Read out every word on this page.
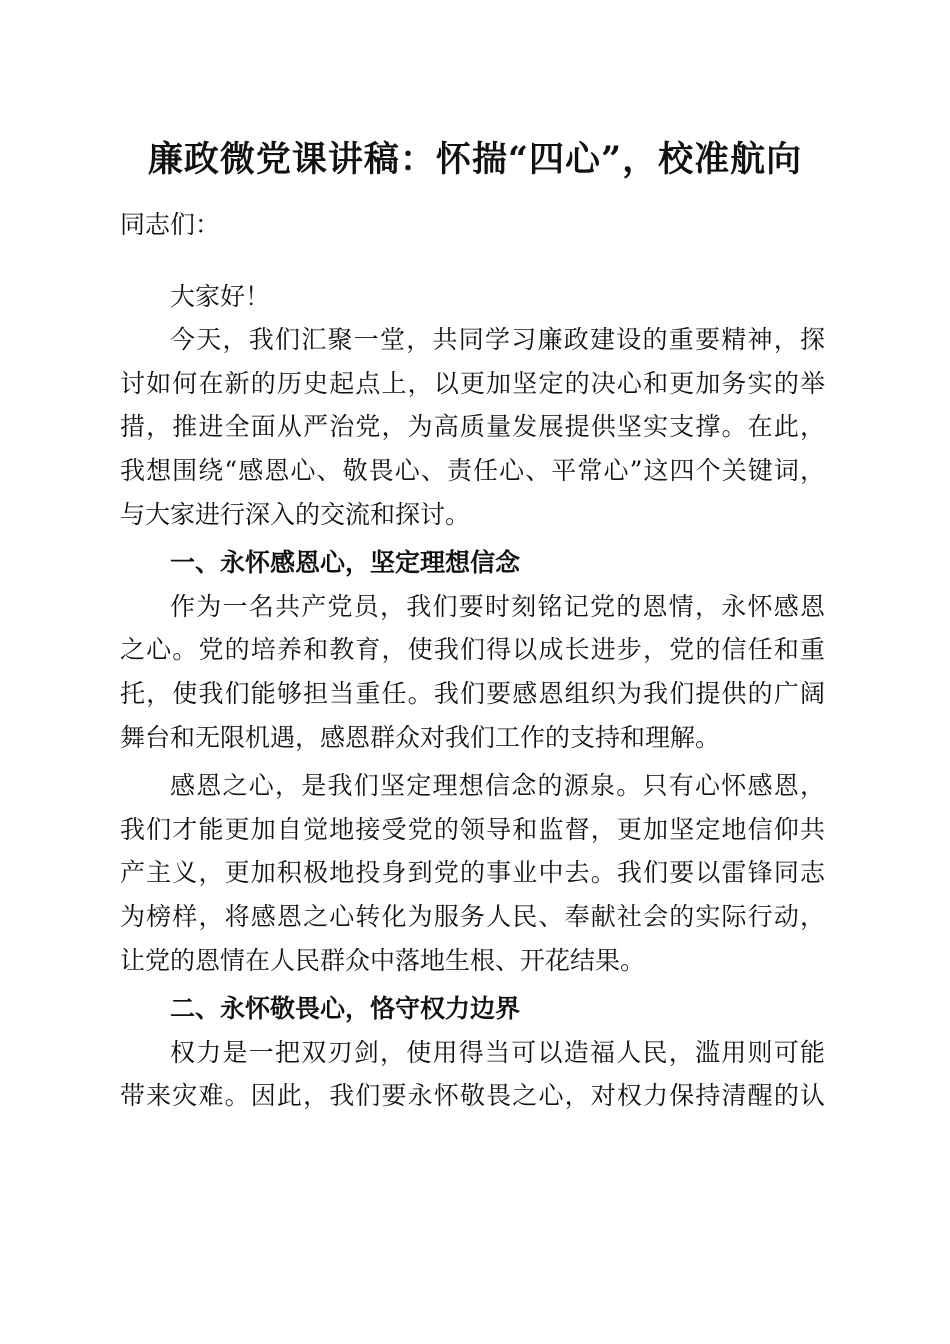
廉政微党课讲稿：怀揣“四心”，校准航向
同志们：
大家好！
今天，我们汇聚一堂，共同学习廉政建设的重要精神，探
讨如何在新的历史起点上，以更加坚定的决心和更加务实的举
措，推进全面从严治党，为高质量发展提供坚实支撑。在此，
我想围绕“感恩心、敬畏心、责任心、平常心”这四个关键词，
与大家进行深入的交流和探讨。
一、永怀感恩心，坚定理想信念
作为一名共产党员，我们要时刻铭记党的恩情，永怀感恩
之心。党的培养和教育，使我们得以成长进步，党的信任和重
托，使我们能够担当重任。我们要感恩组织为我们提供的广阔
舞台和无限机遇，感恩群众对我们工作的支持和理解。
感恩之心，是我们坚定理想信念的源泉。只有心怀感恩，
我们才能更加自觉地接受党的领导和监督，更加坚定地信仰共
产主义，更加积极地投身到党的事业中去。我们要以雷锋同志
为榜样，将感恩之心转化为服务人民、奉献社会的实际行动，
让党的恩情在人民群众中落地生根、开花结果。
二、永怀敬畏心，恪守权力边界
权力是一把双刃剑，使用得当可以造福人民，滥用则可能
带来灾难。因此，我们要永怀敬畏之心，对权力保持清醒的认
